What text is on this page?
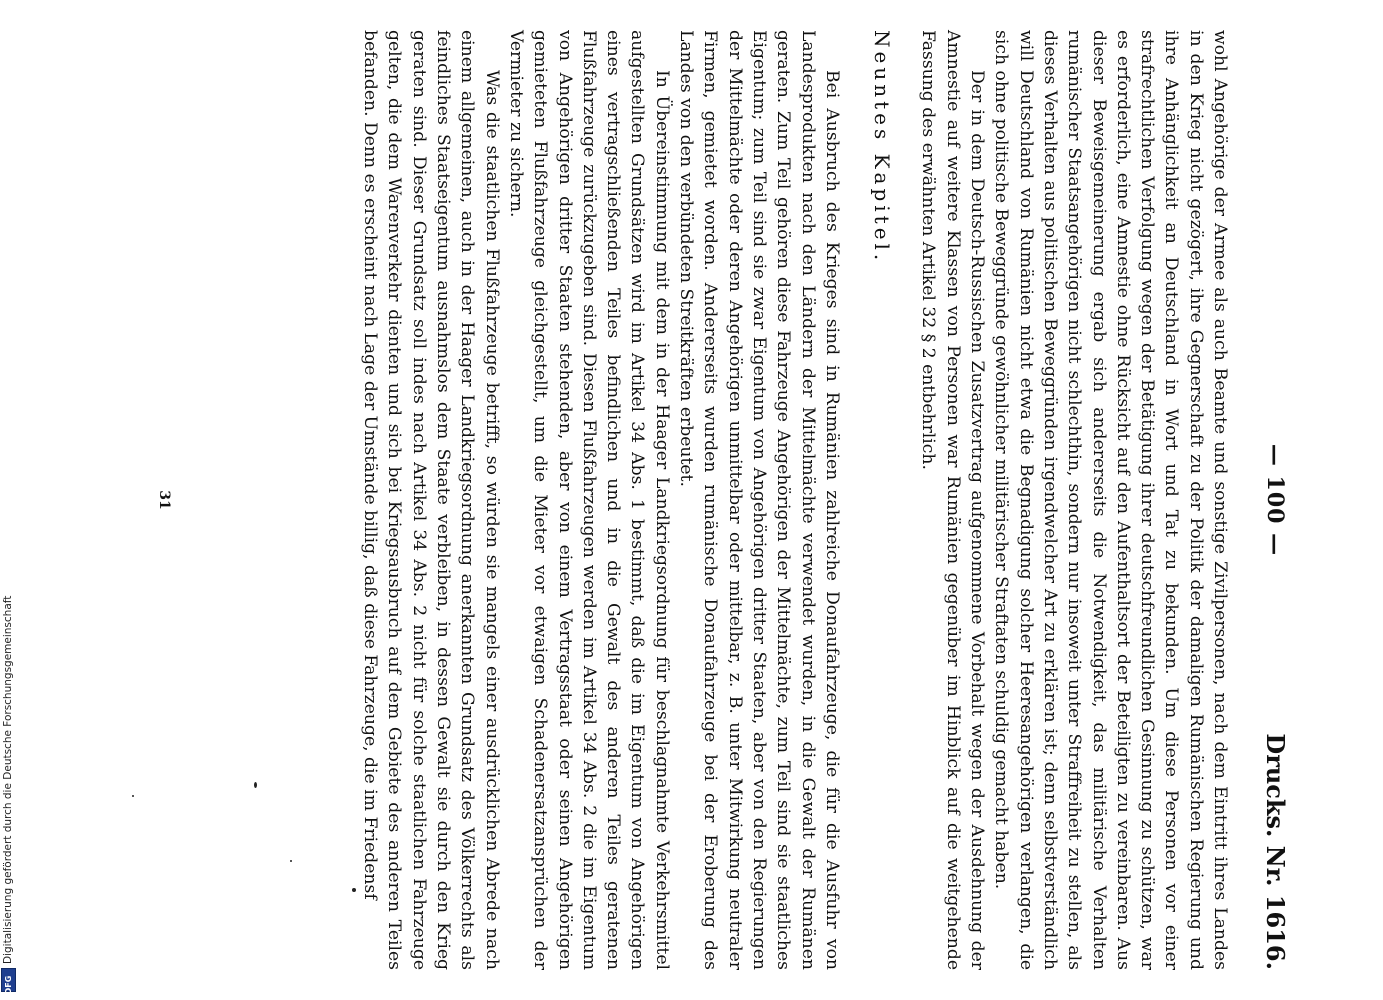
— 100 —
Drucks. Nr. 1616.

wohl Angehörige der Armee als auch Beamte und sonstige Zivilpersonen, nach dem Eintritt ihres Landes in den Krieg nicht gezögert, ihre Gegnerschaft zu der Politik der damaligen Rumänischen Regierung und ihre Anhänglichkeit an Deutschland in Wort und Tat zu bekunden. Um diese Personen vor einer strafrechtlichen Verfolgung wegen der Betätigung ihrer deutschfreundlichen Gesinnung zu schützen, war es erforderlich, eine Amnestie ohne Rücksicht auf den Aufenthaltsort der Beteiligten zu vereinbaren. Aus dieser Beweisgemeinerung ergab sich andererseits die Notwendigkeit, das militärische Verhalten rumänischer Staatsangehörigen nicht schlechthin, sondern nur insoweit unter Straffreiheit zu stellen, als dieses Verhalten aus politischen Beweggründen irgendwelcher Art zu erklären ist; denn selbstverständlich will Deutschland von Rumänien nicht etwa die Begnadigung solcher Heeresangehörigen verlangen, die sich ohne politische Beweggründe gewöhnlicher militärischer Straftaten schuldig gemacht haben.

Der in dem Deutsch-Russischen Zusatzvertrag aufgenommene Vorbehalt wegen der Ausdehnung der Amnestie auf weitere Klassen von Personen war Rumänien gegenüber im Hinblick auf die weitgehende Fassung des erwähnten Artikel 32 § 2 entbehrlich.

Neuntes Kapitel.

Bei Ausbruch des Krieges sind in Rumänien zahlreiche Donaufahrzeuge, die für die Ausfuhr von Landesprodukten nach den Ländern der Mittelmächte verwendet wurden, in die Gewalt der Rumänen geraten. Zum Teil gehören diese Fahrzeuge Angehörigen der Mittelmächte, zum Teil sind sie staatliches Eigentum; zum Teil sind sie zwar Eigentum von Angehörigen dritter Staaten, aber von den Regierungen der Mittelmächte oder deren Angehörigen unmittelbar oder mittelbar, z. B. unter Mitwirkung neutraler Firmen, gemietet worden. Andererseits wurden rumänische Donaufahrzeuge bei der Eroberung des Landes von den verbündeten Streitkräften erbeutet.

In Übereinstimmung mit dem in der Haager Landkriegsordnung für beschlagnahmte Verkehrsmittel aufgestellten Grundsätzen wird im Artikel 34 Abs. 1 bestimmt, daß die im Eigentum von Angehörigen eines vertragschließenden Teiles befindlichen und in die Gewalt des anderen Teiles geratenen Flußfahrzeuge zurückzugeben sind. Diesen Flußfahrzeugen werden im Artikel 34 Abs. 2 die im Eigentum von Angehörigen dritter Staaten stehenden, aber von einem Vertragsstaat oder seinen Angehörigen gemieteten Flußfahrzeuge gleichgestellt, um die Mieter vor etwaigen Schadenersatzansprüchen der Vermieter zu sichern.

Was die staatlichen Flußfahrzeuge betrifft, so würden sie mangels einer ausdrücklichen Abrede nach einem allgemeinen, auch in der Haager Landkriegsordnung anerkannten Grundsatz des Völkerrechts als feindliches Staatseigentum ausnahmslos dem Staate verbleiben, in dessen Gewalt sie durch den Krieg geraten sind. Dieser Grundsatz soll indes nach Artikel 34 Abs. 2 nicht für solche staatlichen Fahrzeuge gelten, die dem Warenverkehr dienten und sich bei Kriegsausbruch auf dem Gebiete des anderen Teiles befanden. Denn es erscheint nach Lage der Umstände billig, daß diese Fahrzeuge, die im Friedensf

31
Digitalisierung gefördert durch die Deutsche Forschungsgemeinschaft
DFG
